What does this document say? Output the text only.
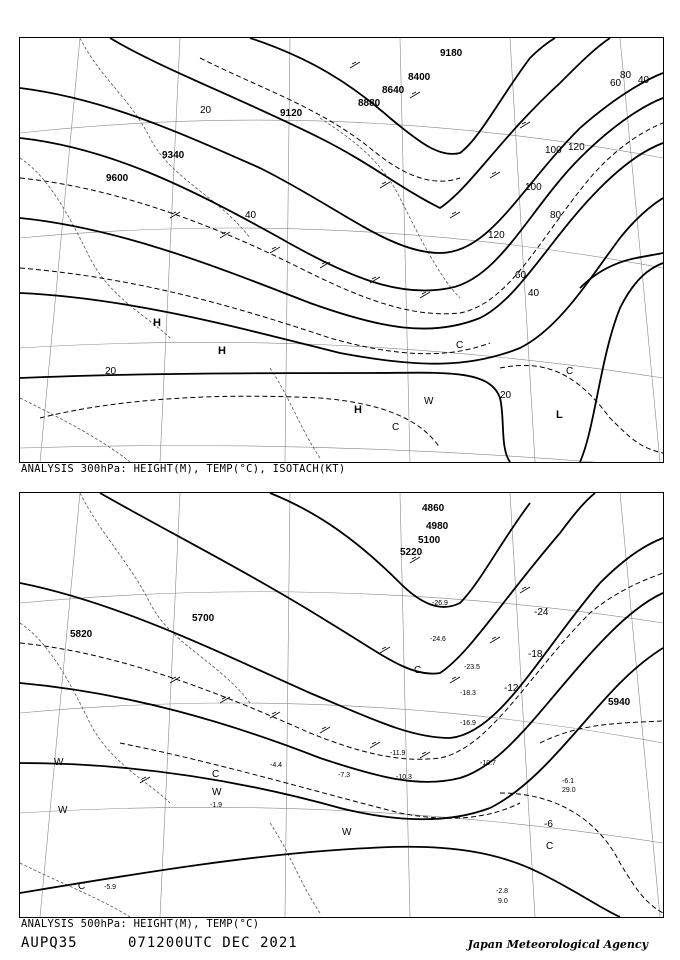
9180
8400
8640
8880
9120
9340
9600
40
60
80
100 120
20
40
60
80
100
120
20
20
40
H
H
H	L
W
C
C
C
ANALYSIS 300hPa: HEIGHT(M), TEMP(°C), ISOTACH(KT)
4860
4980
5100
5220
5700
5820
5940
-24
-18
-12
-6
C
C
W
W
W
W
C
C
-26.9
-24.6
-23.5
-18.3
-16.9
-10.7
-6.1
29.0
-2.8
9.0
-5.9
-1.9
-4.4
-7.3	-10.3
-11.9
ANALYSIS 500hPa: HEIGHT(M), TEMP(°C)
AUPQ35	071200UTC DEC 2021	Japan Meteorological Agency
